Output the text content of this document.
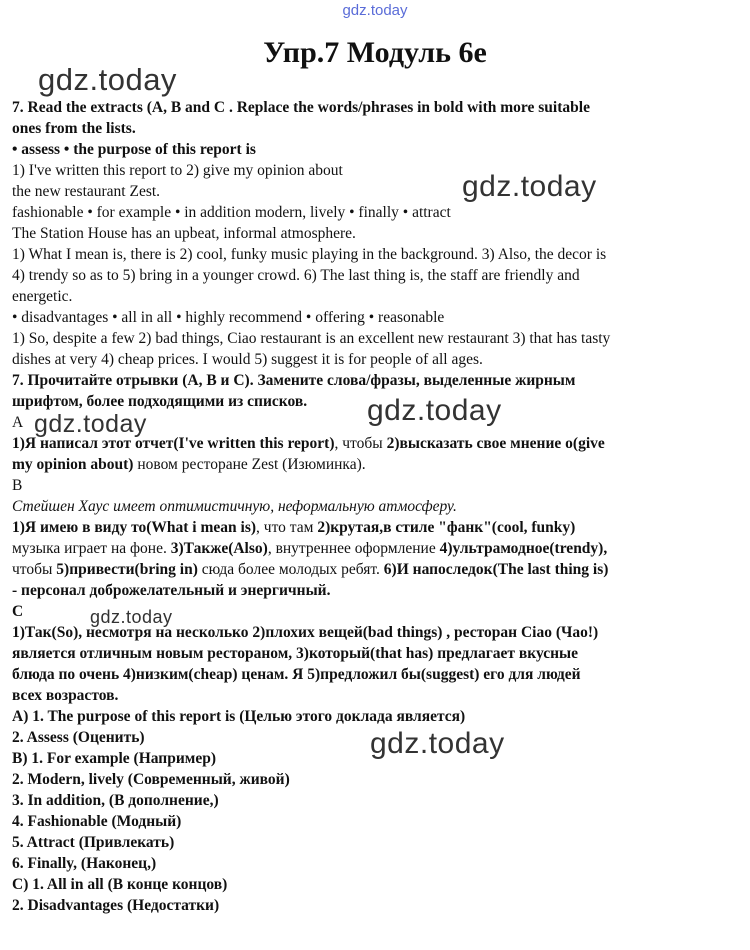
gdz.today
Упр.7 Модуль 6е
gdz.today
gdz.today
gdz.today
gdz.today
gdz.today
gdz.today
7. Read the extracts (A, B and C . Replace the words/phrases in bold with more suitable
ones from the lists.
• assess • the purpose of this report is
1) I've written this report to 2) give my opinion about
the new restaurant Zest.
fashionable • for example • in addition modern, lively • finally • attract
The Station House has an upbeat, informal atmosphere.
1) What I mean is, there is 2) cool, funky music playing in the background. 3) Also, the decor is
4) trendy so as to 5) bring in a younger crowd. 6) The last thing is, the staff are friendly and
energetic.
• disadvantages • all in all • highly recommend • offering • reasonable
1) So, despite a few 2) bad things, Ciao restaurant is an excellent new restaurant 3) that has tasty
dishes at very 4) cheap prices. I would 5) suggest it is for people of all ages.
7. Прочитайте отрывки (А, В и С). Замените слова/фразы, выделенные жирным
шрифтом, более подходящими из списков.
А
1)Я написал этот отчет(I've written this report), чтобы 2)высказать свое мнение о(give
my opinion about) новом ресторане Zest (Изюминка).
В
Стейшен Хаус имеет оптимистичную, неформальную атмосферу.
1)Я имею в виду то(What i mean is), что там 2)крутая,в стиле "фанк"(cool, funky)
музыка играет на фоне. 3)Также(Also), внутреннее оформление 4)ультрамодное(trendy),
чтобы 5)привести(bring in) сюда более молодых ребят. 6)И напоследок(The last thing is)
- персонал доброжелательный и энергичный.
С
1)Так(So), несмотря на несколько 2)плохих вещей(bad things) , ресторан Ciao (Чао!)
является отличным новым рестораном, 3)который(that has) предлагает вкусные
блюда по очень 4)низким(cheap) ценам. Я 5)предложил бы(suggest) его для людей
всех возрастов.
A) 1. The purpose of this report is (Целью этого доклада является)
2. Assess (Оценить)
B) 1. For example (Например)
2. Modern, lively (Современный, живой)
3. In addition, (В дополнение,)
4. Fashionable (Модный)
5. Attract (Привлекать)
6. Finally, (Наконец,)
C) 1. All in all (В конце концов)
2. Disadvantages (Недостатки)
